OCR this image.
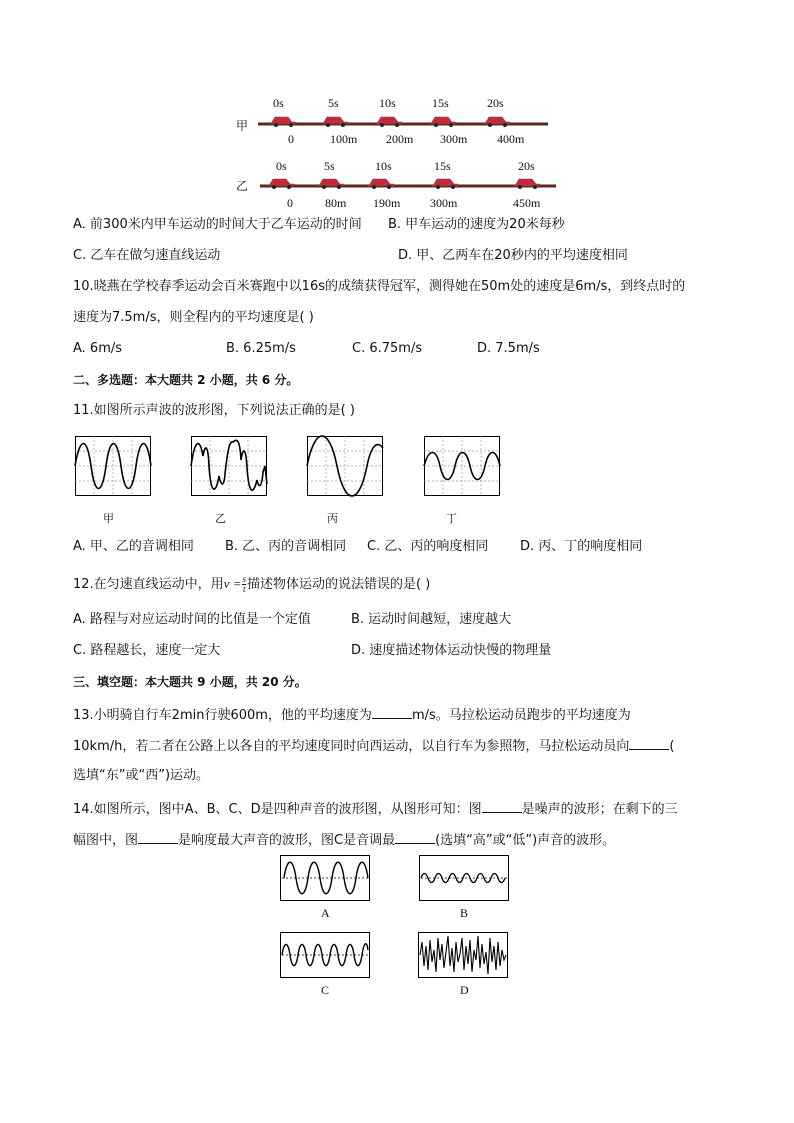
甲
0s	5s	10s	15s	20s
0	100m 200m 300m 400m
乙
0s	5s	10s	15s	20s
0	80m 190m 300m	450m
A. 前300米内甲车运动的时间大于乙车运动的时间 B. 甲车运动的速度为20米每秒
C. 乙车在做匀速直线运动	D. 甲、乙两车在20秒内的平均速度相同
10.晓燕在学校春季运动会百米赛跑中以16s的成绩获得冠军，测得她在50m处的速度是6m/s，到终点时的
速度为7.5m/s，则全程内的平均速度是( )
A. 6m/s	B. 6.25m/s	C. 6.75m/s	D. 7.5m/s
二、多选题：本大题共 2 小题，共 6 分。
11.如图所示声波的波形图，下列说法正确的是( )
甲	乙	丙	丁
A. 甲、乙的音调相同 B. 乙、丙的音调相同 C. 乙、丙的响度相同 D. 丙、丁的响度相同
12.在匀速直线运动中，用$v = \frac{s}{t}$ 描述物体运动的说法错误的是( )
A. 路程与对应运动时间的比值是一个定值	B. 运动时间越短，速度越大
C. 路程越长，速度一定大	D. 速度描述物体运动快慢的物理量
三、填空题：本大题共 9 小题，共 20 分。
13.小明骑自行车2min行驶600m，他的平均速度为	m/s。马拉松运动员跑步的平均速度为
10km/h，若二者在公路上以各自的平均速度同时向西运动，以自行车为参照物，马拉松运动员向	(
选填“东”或“西”)运动。
14.如图所示，图中A、B、C、D是四种声音的波形图，从图形可知：图	是噪声的波形；在剩下的三
幅图中，图	是响度最大声音的波形，图C是音调最	(选填“高”或“低”)声音的波形。
A	B
C	D
